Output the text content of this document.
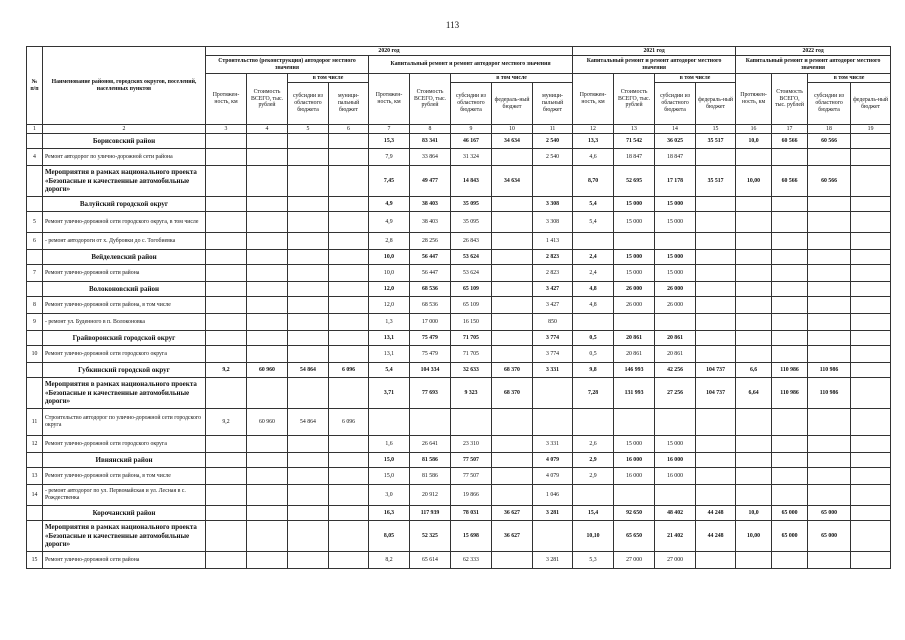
113
№ п/п	Наименование районов, городских округов, поселений, населенных пунктов	2020 год									2021 год				2022 год			
		Строительство (реконструкция) автодорог местного значения				Капитальный ремонт и ремонт автодорог местного значения					Капитальный ремонт и ремонт автодорог местного значения				Капитальный ремонт и ремонт автодорог местного значения			
		Протяжен-ность, км	Стоимость ВСЕГО, тыс. рублей	в том числе		Протяжен-ность, км	Стоимость ВСЕГО, тыс. рублей	в том числе			Протяжен-ность, км	Стоимость ВСЕГО, тыс. рублей	в том числе		Протяжен-ность, км	Стоимость ВСЕГО, тыс. рублей	в том числе	
				субсидии из областного бюджета	муници-пальный бюджет			субсидии из областного бюджета	федераль-ный бюджет	муници-пальный бюджет			субсидии из областного бюджета	федераль-ный бюджет			субсидии из областного бюджета	федераль-ный бюджет
1	2	3	4	5	6	7	8	9	10	11	12	13	14	15	16	17	18	19
	Борисовский район					15,3	83 341	46 167	34 634	2 540	13,3	71 542	36 025	35 517	10,0	60 566	60 566	
4	Ремонт автодорог по улично-дорожной сети района					7,9	33 864	31 324		2 540	4,6	18 847	18 847					
	Мероприятия в рамках национального проекта «Безопасные и качественные автомобильные дороги»					7,45	49 477	14 843	34 634		8,70	52 695	17 178	35 517	10,00	60 566	60 566	
	Валуйский городской округ					4,9	38 403	35 095		3 308	5,4	15 000	15 000					
5	Ремонт улично-дорожной сети городского округа, в том числе					4,9	38 403	35 095		3 308	5,4	15 000	15 000					
6	- ремонт автодороги от х. Дубровки до с. Тогобиевка					2,8	28 256	26 843		1 413								
	Вейделевский район					10,0	56 447	53 624		2 823	2,4	15 000	15 000					
7	Ремонт улично-дорожной сети района					10,0	56 447	53 624		2 823	2,4	15 000	15 000					
	Волоконовский район					12,0	68 536	65 109		3 427	4,8	26 000	26 000					
8	Ремонт улично-дорожной сети района, в том числе					12,0	68 536	65 109		3 427	4,8	26 000	26 000					
9	- ремонт ул. Буденного в п. Волоконовка					1,3	17 000	16 150		850								
	Грайворонский городской округ					13,1	75 479	71 705		3 774	0,5	20 861	20 861					
10	Ремонт улично-дорожной сети городского округа					13,1	75 479	71 705		3 774	0,5	20 861	20 861					
	Губкинский городской округ	9,2	60 960	54 864	6 096	5,4	104 334	32 633	68 370	3 331	9,8	146 993	42 256	104 737	6,6	110 986	110 986	
	Мероприятия в рамках национального проекта «Безопасные и качественные автомобильные дороги»					3,71	77 693	9 323	68 370		7,28	131 993	27 256	104 737	6,64	110 986	110 986	
11	Строительство автодорог по улично-дорожной сети городского округа	9,2	60 960	54 864	6 096													
12	Ремонт улично-дорожной сети городского округа					1,6	26 641	23 310		3 331	2,6	15 000	15 000					
	Ивнянский район					15,0	81 586	77 507		4 079	2,9	16 000	16 000					
13	Ремонт улично-дорожной сети района, в том числе					15,0	81 586	77 507		4 079	2,9	16 000	16 000					
14	- ремонт автодорог по ул. Первомайская и ул. Лесная в с. Рождественка					3,0	20 912	19 866		1 046								
	Корочанский район					16,3	117 939	78 031	36 627	3 281	15,4	92 650	48 402	44 248	10,0	65 000	65 000	
	Мероприятия в рамках национального проекта «Безопасные и качественные автомобильные дороги»					8,05	52 325	15 698	36 627		10,10	65 650	21 402	44 248	10,00	65 000	65 000	
15	Ремонт улично-дорожной сети района					8,2	65 614	62 333		3 281	5,3	27 000	27 000					
